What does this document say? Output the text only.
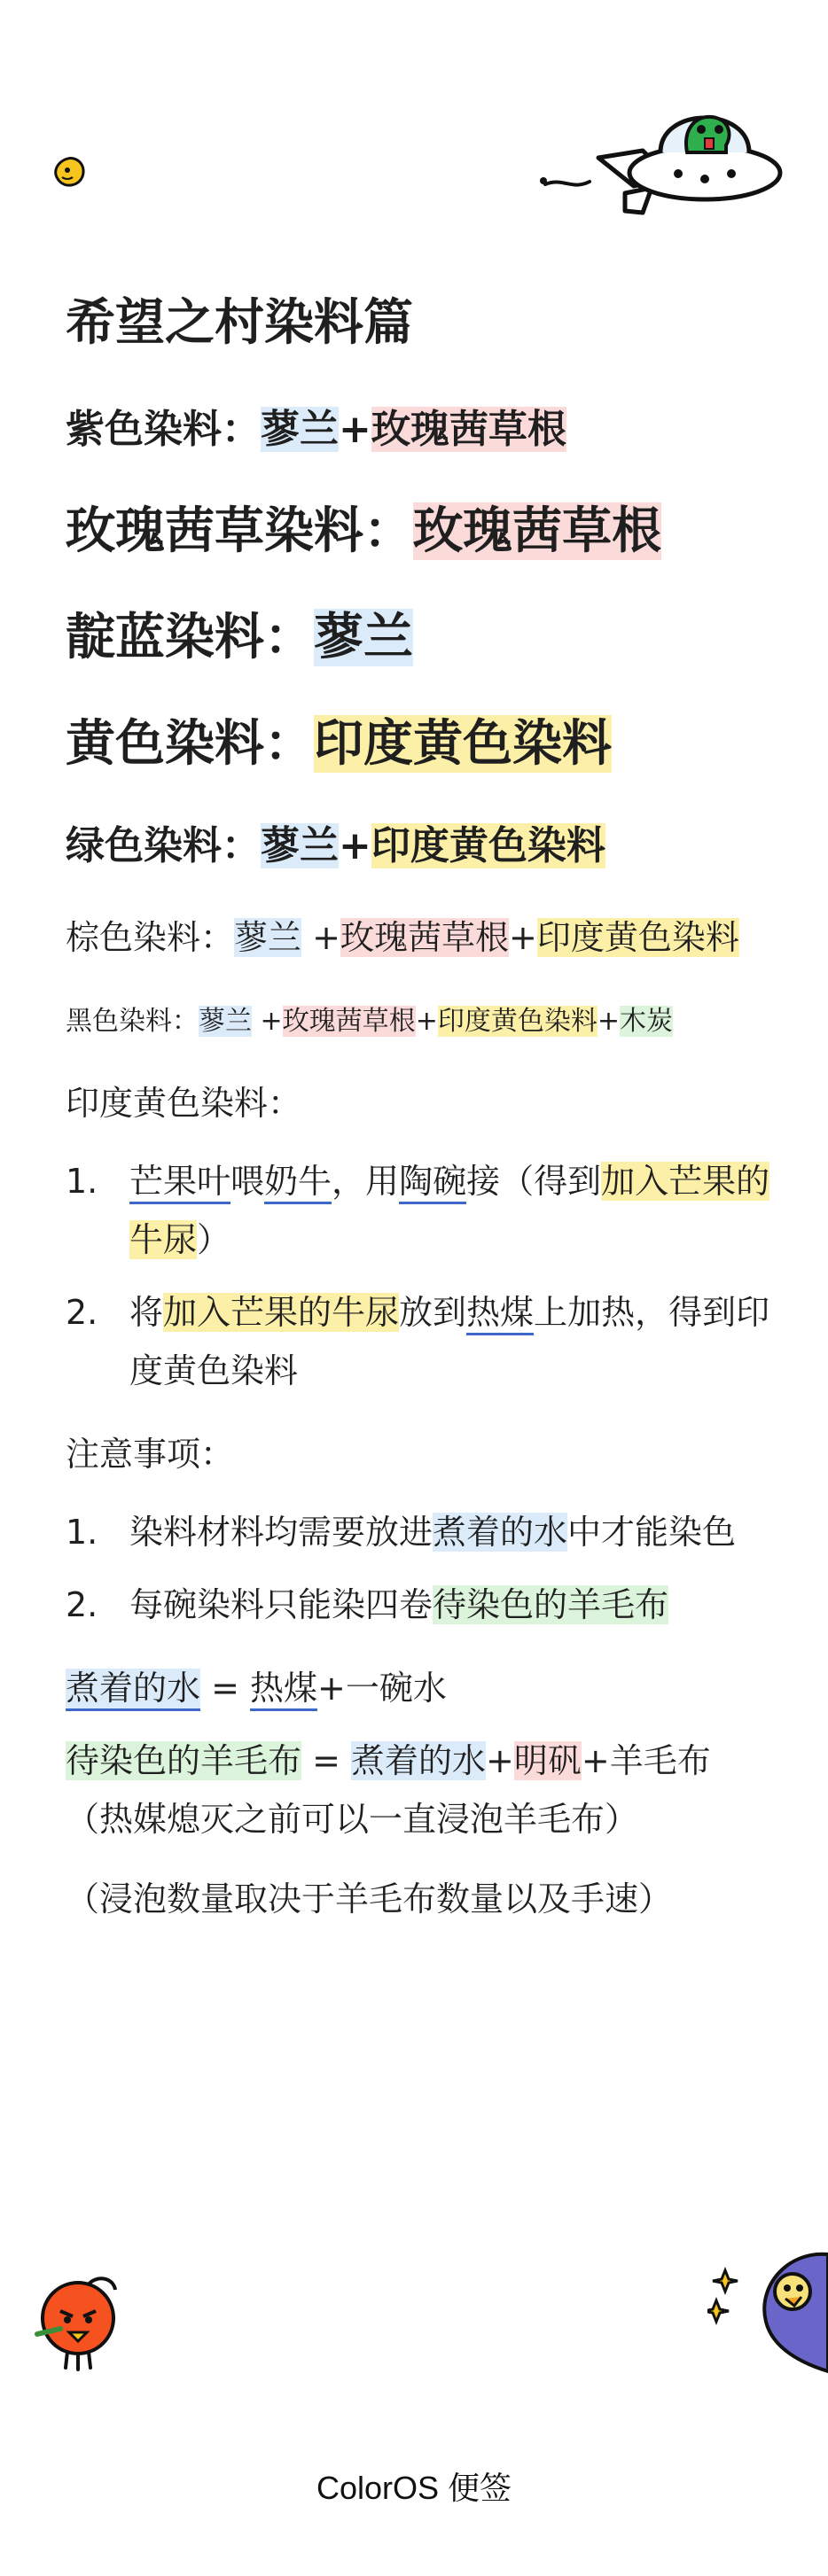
希望之村染料篇

紫色染料：蓼兰+玫瑰茜草根

玫瑰茜草染料：玫瑰茜草根

靛蓝染料：蓼兰

黄色染料：印度黄色染料

绿色染料：蓼兰+印度黄色染料

棕色染料：蓼兰 +玫瑰茜草根+印度黄色染料

黑色染料：蓼兰 +玫瑰茜草根+印度黄色染料+木炭

印度黄色染料：

1. 芒果叶喂奶牛，用陶碗接（得到加入芒果的牛尿）
2. 将加入芒果的牛尿放到热煤上加热，得到印度黄色染料

注意事项：

1. 染料材料均需要放进煮着的水中才能染色
2. 每碗染料只能染四卷待染色的羊毛布

煮着的水 = 热煤+一碗水

待染色的羊毛布 = 煮着的水+明矾+羊毛布

（热媒熄灭之前可以一直浸泡羊毛布）

（浸泡数量取决于羊毛布数量以及手速）

ColorOS 便签
